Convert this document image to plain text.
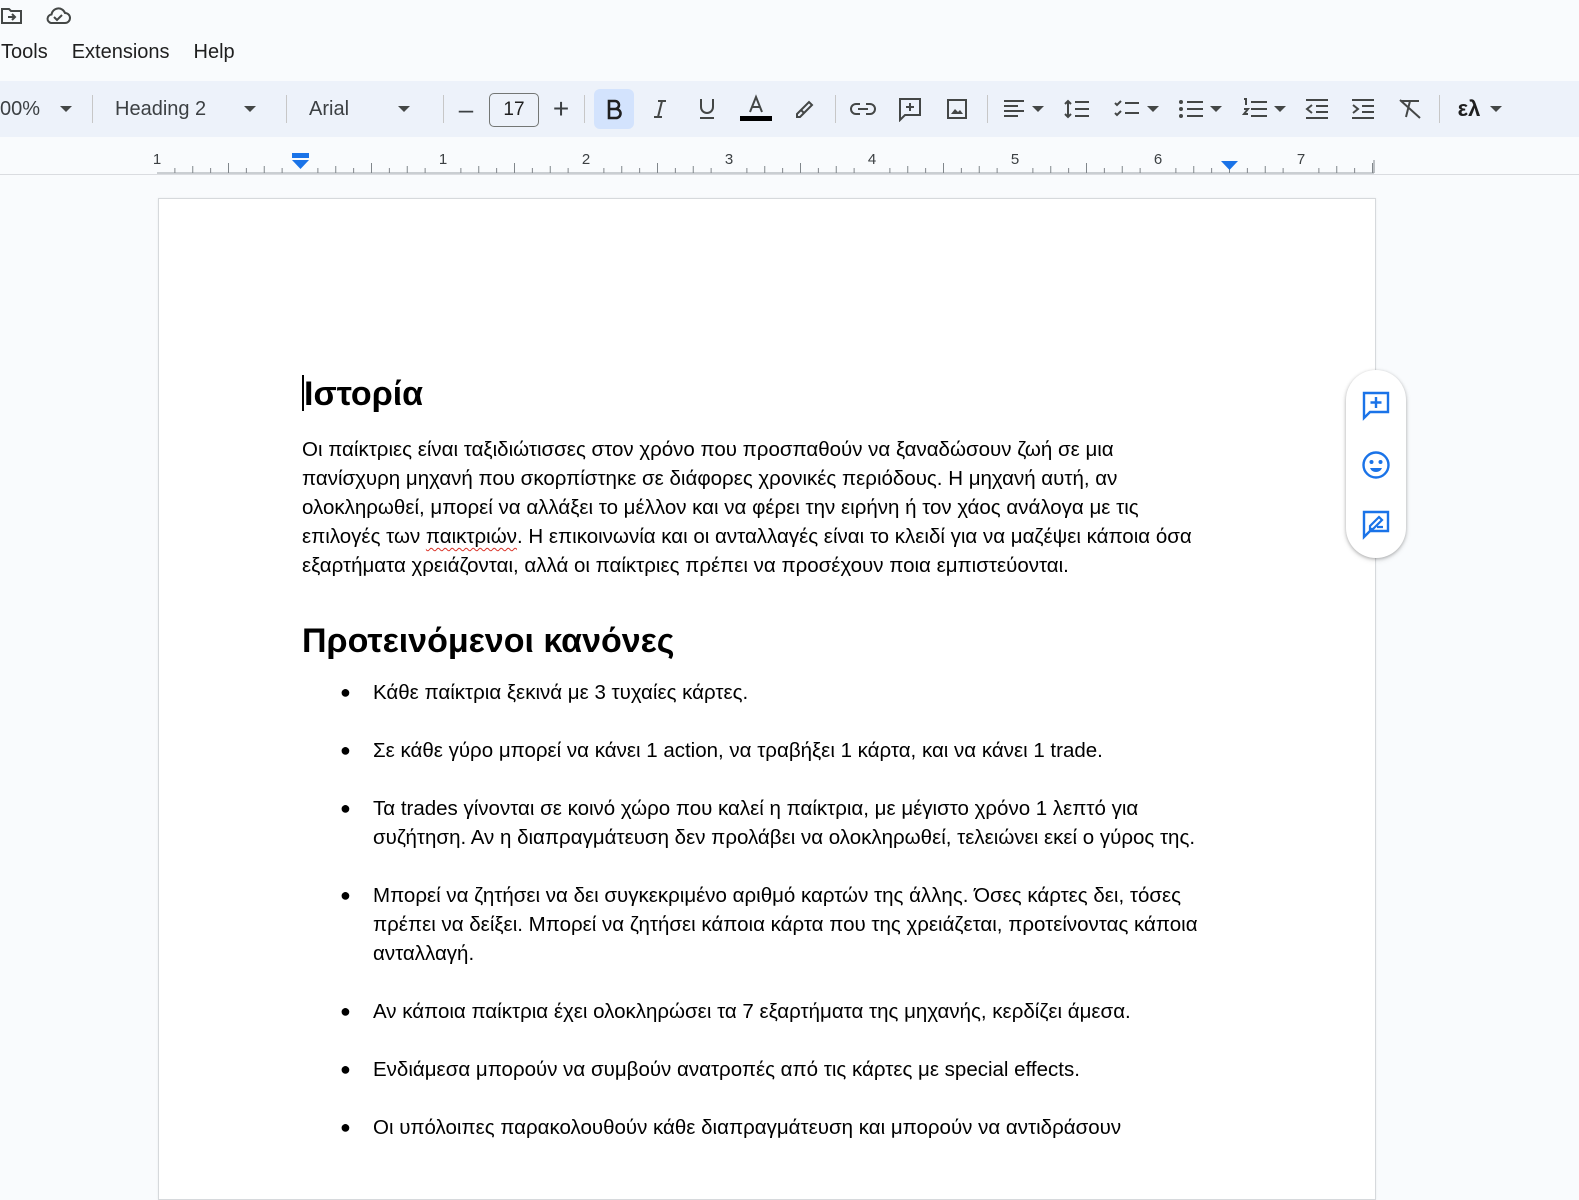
Tools	Extensions	Help
00%	Heading 2	Arial	–	17	+	ελ
1	1	2	3	4	5	6	7
Ιστορία

Οι παίκτριες είναι ταξιδιώτισσες στον χρόνο που προσπαθούν να ξαναδώσουν ζωή σε μια πανίσχυρη μηχανή που σκορπίστηκε σε διάφορες χρονικές περιόδους. Η μηχανή αυτή, αν ολοκληρωθεί, μπορεί να αλλάξει το μέλλον και να φέρει την ειρήνη ή τον χάος ανάλογα με τις επιλογές των παικτριών. Η επικοινωνία και οι ανταλλαγές είναι το κλειδί για να μαζέψει κάποια όσα εξαρτήματα χρειάζονται, αλλά οι παίκτριες πρέπει να προσέχουν ποια εμπιστεύονται.

Προτεινόμενοι κανόνες
● Κάθε παίκτρια ξεκινά με 3 τυχαίες κάρτες.
● Σε κάθε γύρο μπορεί να κάνει 1 action, να τραβήξει 1 κάρτα, και να κάνει 1 trade.
● Τα trades γίνονται σε κοινό χώρο που καλεί η παίκτρια, με μέγιστο χρόνο 1 λεπτό για συζήτηση. Αν η διαπραγμάτευση δεν προλάβει να ολοκληρωθεί, τελειώνει εκεί ο γύρος της.
● Μπορεί να ζητήσει να δει συγκεκριμένο αριθμό καρτών της άλλης. Όσες κάρτες δει, τόσες πρέπει να δείξει. Μπορεί να ζητήσει κάποια κάρτα που της χρειάζεται, προτείνοντας κάποια ανταλλαγή.
● Αν κάποια παίκτρια έχει ολοκληρώσει τα 7 εξαρτήματα της μηχανής, κερδίζει άμεσα.
● Ενδιάμεσα μπορούν να συμβούν ανατροπές από τις κάρτες με special effects.
● Οι υπόλοιπες παρακολουθούν κάθε διαπραγμάτευση και μπορούν να αντιδράσουν
